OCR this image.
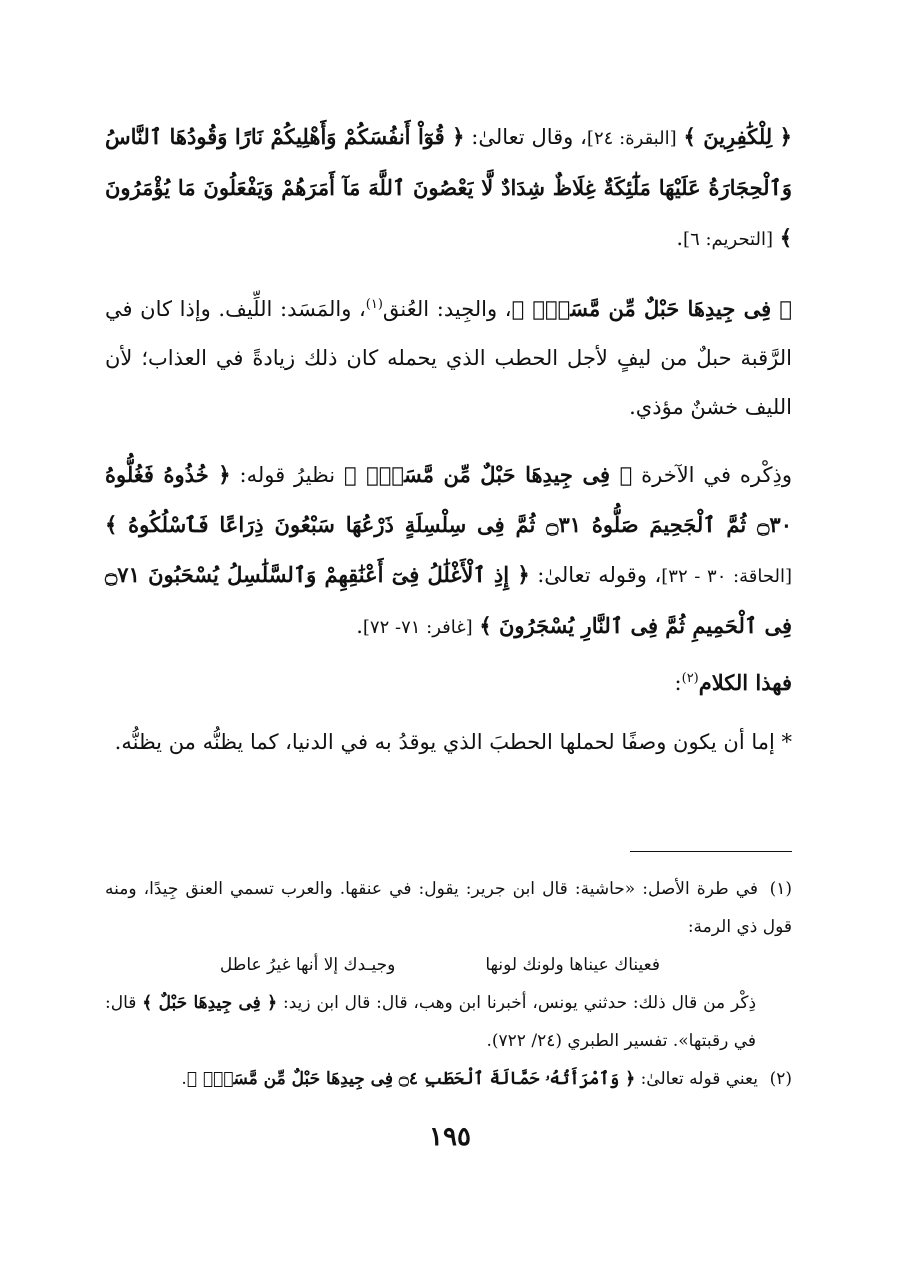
﴿ لِلْكَٰفِرِينَ ﴾ [البقرة: ٢٤]، وقال تعالىٰ: ﴿ قُوٓاْ أَنفُسَكُمْ وَأَهْلِيكُمْ نَارًا وَقُودُهَا ٱلنَّاسُ وَٱلْحِجَارَةُ عَلَيْهَا مَلَٰٓئِكَةٌ غِلَاظٌ شِدَادٌ لَّا يَعْصُونَ ٱللَّهَ مَآ أَمَرَهُمْ وَيَفْعَلُونَ مَا يُؤْمَرُونَ ﴾ [التحريم: ٦].

﴿ فِى جِيدِهَا حَبْلٌ مِّن مَّسَدٍۭ ﴾، والجِيد: العُنق$^{(١)}$، والمَسَد: اللِّيف. وإذا كان في الرَّقبة حبلٌ من ليفٍ لأجل الحطب الذي يحمله كان ذلك زيادةً في العذاب؛ لأن الليف خشنٌ مؤذي.

وذِكْره في الآخرة ﴿ فِى جِيدِهَا حَبْلٌ مِّن مَّسَدٍۭ ﴾ نظيرُ قوله: ﴿ خُذُوهُ فَغُلُّوهُ ۝٣٠ ثُمَّ ٱلْجَحِيمَ صَلُّوهُ ۝٣١ ثُمَّ فِى سِلْسِلَةٍ ذَرْعُهَا سَبْعُونَ ذِرَاعًا فَٱسْلُكُوهُ ﴾ [الحاقة: ٣٠ - ٣٢]، وقوله تعالىٰ: ﴿ إِذِ ٱلْأَغْلَٰلُ فِىٓ أَعْنَٰقِهِمْ وَٱلسَّلَٰسِلُ يُسْحَبُونَ ۝٧١ فِى ٱلْحَمِيمِ ثُمَّ فِى ٱلنَّارِ يُسْجَرُونَ ﴾ [غافر: ٧١- ٧٢].

فهذا الكلام$^{(٢)}$:

* إما أن يكون وصفًا لحملها الحطبَ الذي يوقدُ به في الدنيا، كما يظنُّه من يظنُّه.

(١)في طرة الأصل: «حاشية: قال ابن جرير: يقول: في عنقها. والعرب تسمي العنق جِيدًا، ومنه قول ذي الرمة:

فعيناك عيناها ولونك لونها
وجيـدك إلا أنها غيرُ عاطل

ذِكْر من قال ذلك: حدثني يونس، أخبرنا ابن وهب، قال: قال ابن زيد: ﴿ فِى جِيدِهَا حَبْلٌ ﴾ قال: في رقبتها». تفسير الطبري (٢٤/ ٧٢٢).

(٢)يعني قوله تعالىٰ: ﴿ وَٱمْرَأَتُهُۥ حَمَّالَةَ ٱلْحَطَبِ ۝٤ فِى جِيدِهَا حَبْلٌ مِّن مَّسَدٍۭ ﴾.

١٩٥
